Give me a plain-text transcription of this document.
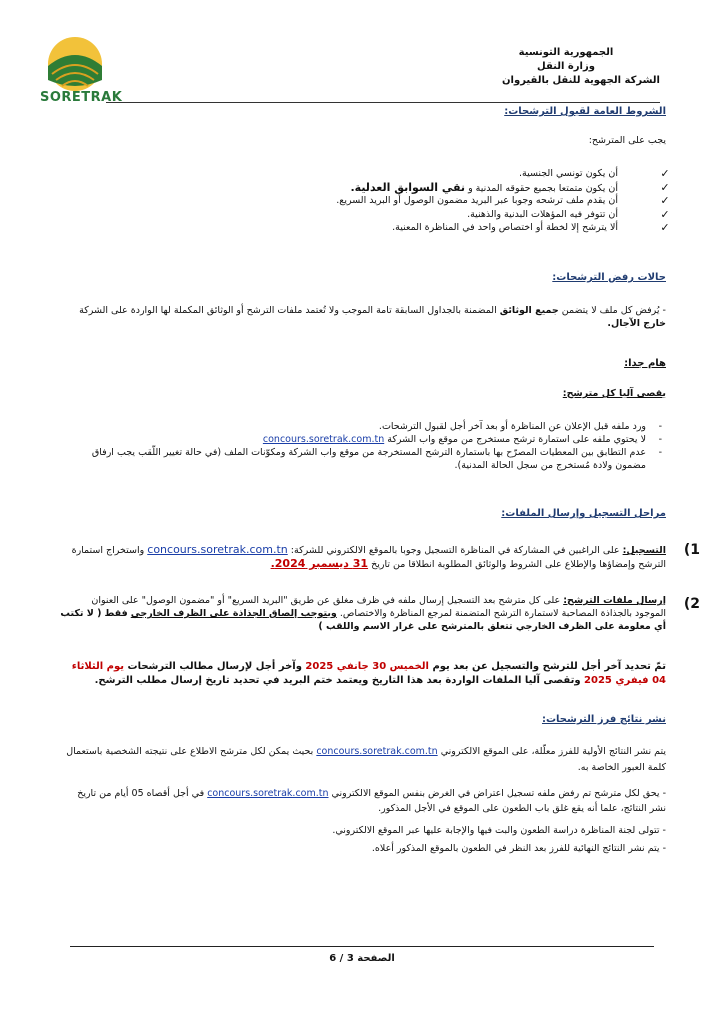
SORETRAK
الجمهورية التونسية
وزارة النقل
الشركة الجهوية للنقل بالقيروان
الشروط العامة لقبول الترشحات:
يجب على المترشح:
✓
أن يكون تونسي الجنسية.
✓
أن يكون متمتعا بجميع حقوقه المدنية و نقي السوابق العدلية.
✓
أن يقدم ملف ترشحه وجوبا عبر البريد مضمون الوصول أو البريد السريع.
✓
أن تتوفر فيه المؤهلات البدنية والذهنية.
✓
ألا يترشح إلا لخطة أو اختصاص واحد في المناظرة المعنية.
حالات رفض الترشحات:
- يُرفض كل ملف لا يتضمن جميع الوثائق المضمنة بالجداول السابقة تامة الموجب ولا تُعتمد ملفات الترشح أو الوثائق المكملة لها الواردة على الشركة خارج الآجال.
هام جدا:
يقصى آليا كل مترشح:
-
ورد ملفه قبل الإعلان عن المناظرة أو بعد آخر أجل لقبول الترشحات.
-
لا يحتوي ملفه على استمارة ترشح مستخرج من موقع واب الشركة concours.soretrak.com.tn
-
عدم التطابق بين المعطيات المصرّح بها باستمارة الترشح المستخرجة من موقع واب الشركة ومكوّنات الملف (في حالة تغيير اللّقب يجب ارفاق مضمون ولادة مُستخرج من سجل الحالة المدنية).
مراحل التسجيل وإرسال الملفات:
1)
التسجيل: على الراغبين في المشاركة في المناظرة التسجيل وجوبا بالموقع الالكتروني للشركة: concours.soretrak.com.tn واستخراج استمارة الترشح وإمضاؤها والإطلاع على الشروط والوثائق المطلوبة انطلاقا من تاريخ 31 ديسمبر 2024.
2)
إرسال ملفات الترشح: على كل مترشح بعد التسجيل إرسال ملفه في ظرف مغلق عن طريق "البريد السريع" أو "مضمون الوصول" على العنوان الموجود بالجذاذة المصاحبة لاستمارة الترشح المتضمنة لمرجع المناظرة والاختصاص. ويتوجب إلصاق الجذاذة على الظرف الخارجي فقط ( لا تكتب أي معلومة على الظرف الخارجي تتعلق بالمترشح على غرار الاسم واللقب )
تمّ تحديد آخر أجل للترشح والتسجيل عن بعد يوم الخميس 30 جانفي 2025 وآخر أجل لإرسال مطالب الترشحات يوم الثلاثاء 04 فيفري 2025 وتقصى آليا الملفات الواردة بعد هذا التاريخ ويعتمد ختم البريد في تحديد تاريخ إرسال مطلب الترشح.
نشر نتائج فرز الترشحات:
يتم نشر النتائج الأولية للفرز معلّلة، على الموقع الالكتروني concours.soretrak.com.tn بحيث يمكن لكل مترشح الاطلاع على نتيجته الشخصية باستعمال كلمة العبور الخاصة به.
- يحق لكل مترشح تم رفض ملفه تسجيل اعتراض في الغرض بنفس الموقع الالكتروني concours.soretrak.com.tn في أجل أقصاه 05 أيام من تاريخ نشر النتائج، علما أنه يقع غلق باب الطعون على الموقع في الأجل المذكور.
- تتولى لجنة المناظرة دراسة الطعون والبت فيها والإجابة عليها عبر الموقع الالكتروني.
- يتم نشر النتائج النهائية للفرز بعد النظر في الطعون بالموقع المذكور أعلاه.
الصفحة 3 / 6
